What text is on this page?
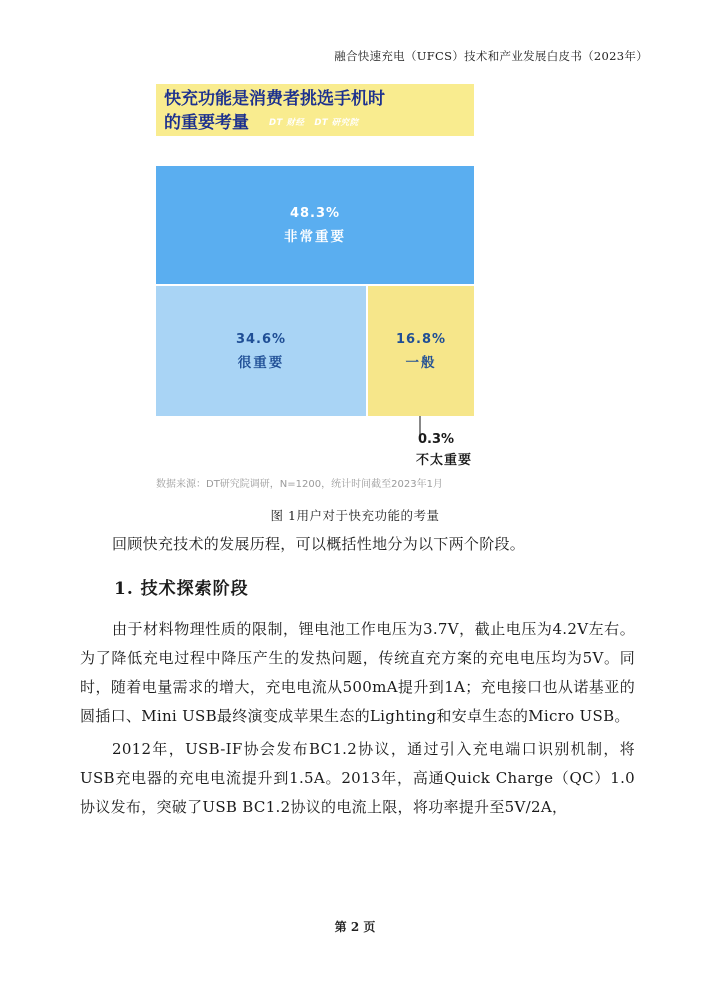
融合快速充电（UFCS）技术和产业发展白皮书（2023年）
快充功能是消费者挑选手机时
的重要考量 DT 财经 DT 研究院
48.3%
非常重要
34.6%
很重要
16.8%
一般
0.3%
不太重要
数据来源：DT研究院调研，N=1200，统计时间截至2023年1月
图 1用户对于快充功能的考量

回顾快充技术的发展历程，可以概括性地分为以下两个阶段。

1. 技术探索阶段

由于材料物理性质的限制，锂电池工作电压为3.7V，截止电压为4.2V左右。为了降低充电过程中降压产生的发热问题，传统直充方案的充电电压均为5V。同时，随着电量需求的增大，充电电流从500mA提升到1A；充电接口也从诺基亚的圆插口、Mini USB最终演变成苹果生态的Lighting和安卓生态的Micro USB。

2012年，USB-IF协会发布BC1.2协议，通过引入充电端口识别机制，将USB充电器的充电电流提升到1.5A。2013年，高通Quick Charge（QC）1.0协议发布，突破了USB BC1.2协议的电流上限，将功率提升至5V/2A，

第 2 页
